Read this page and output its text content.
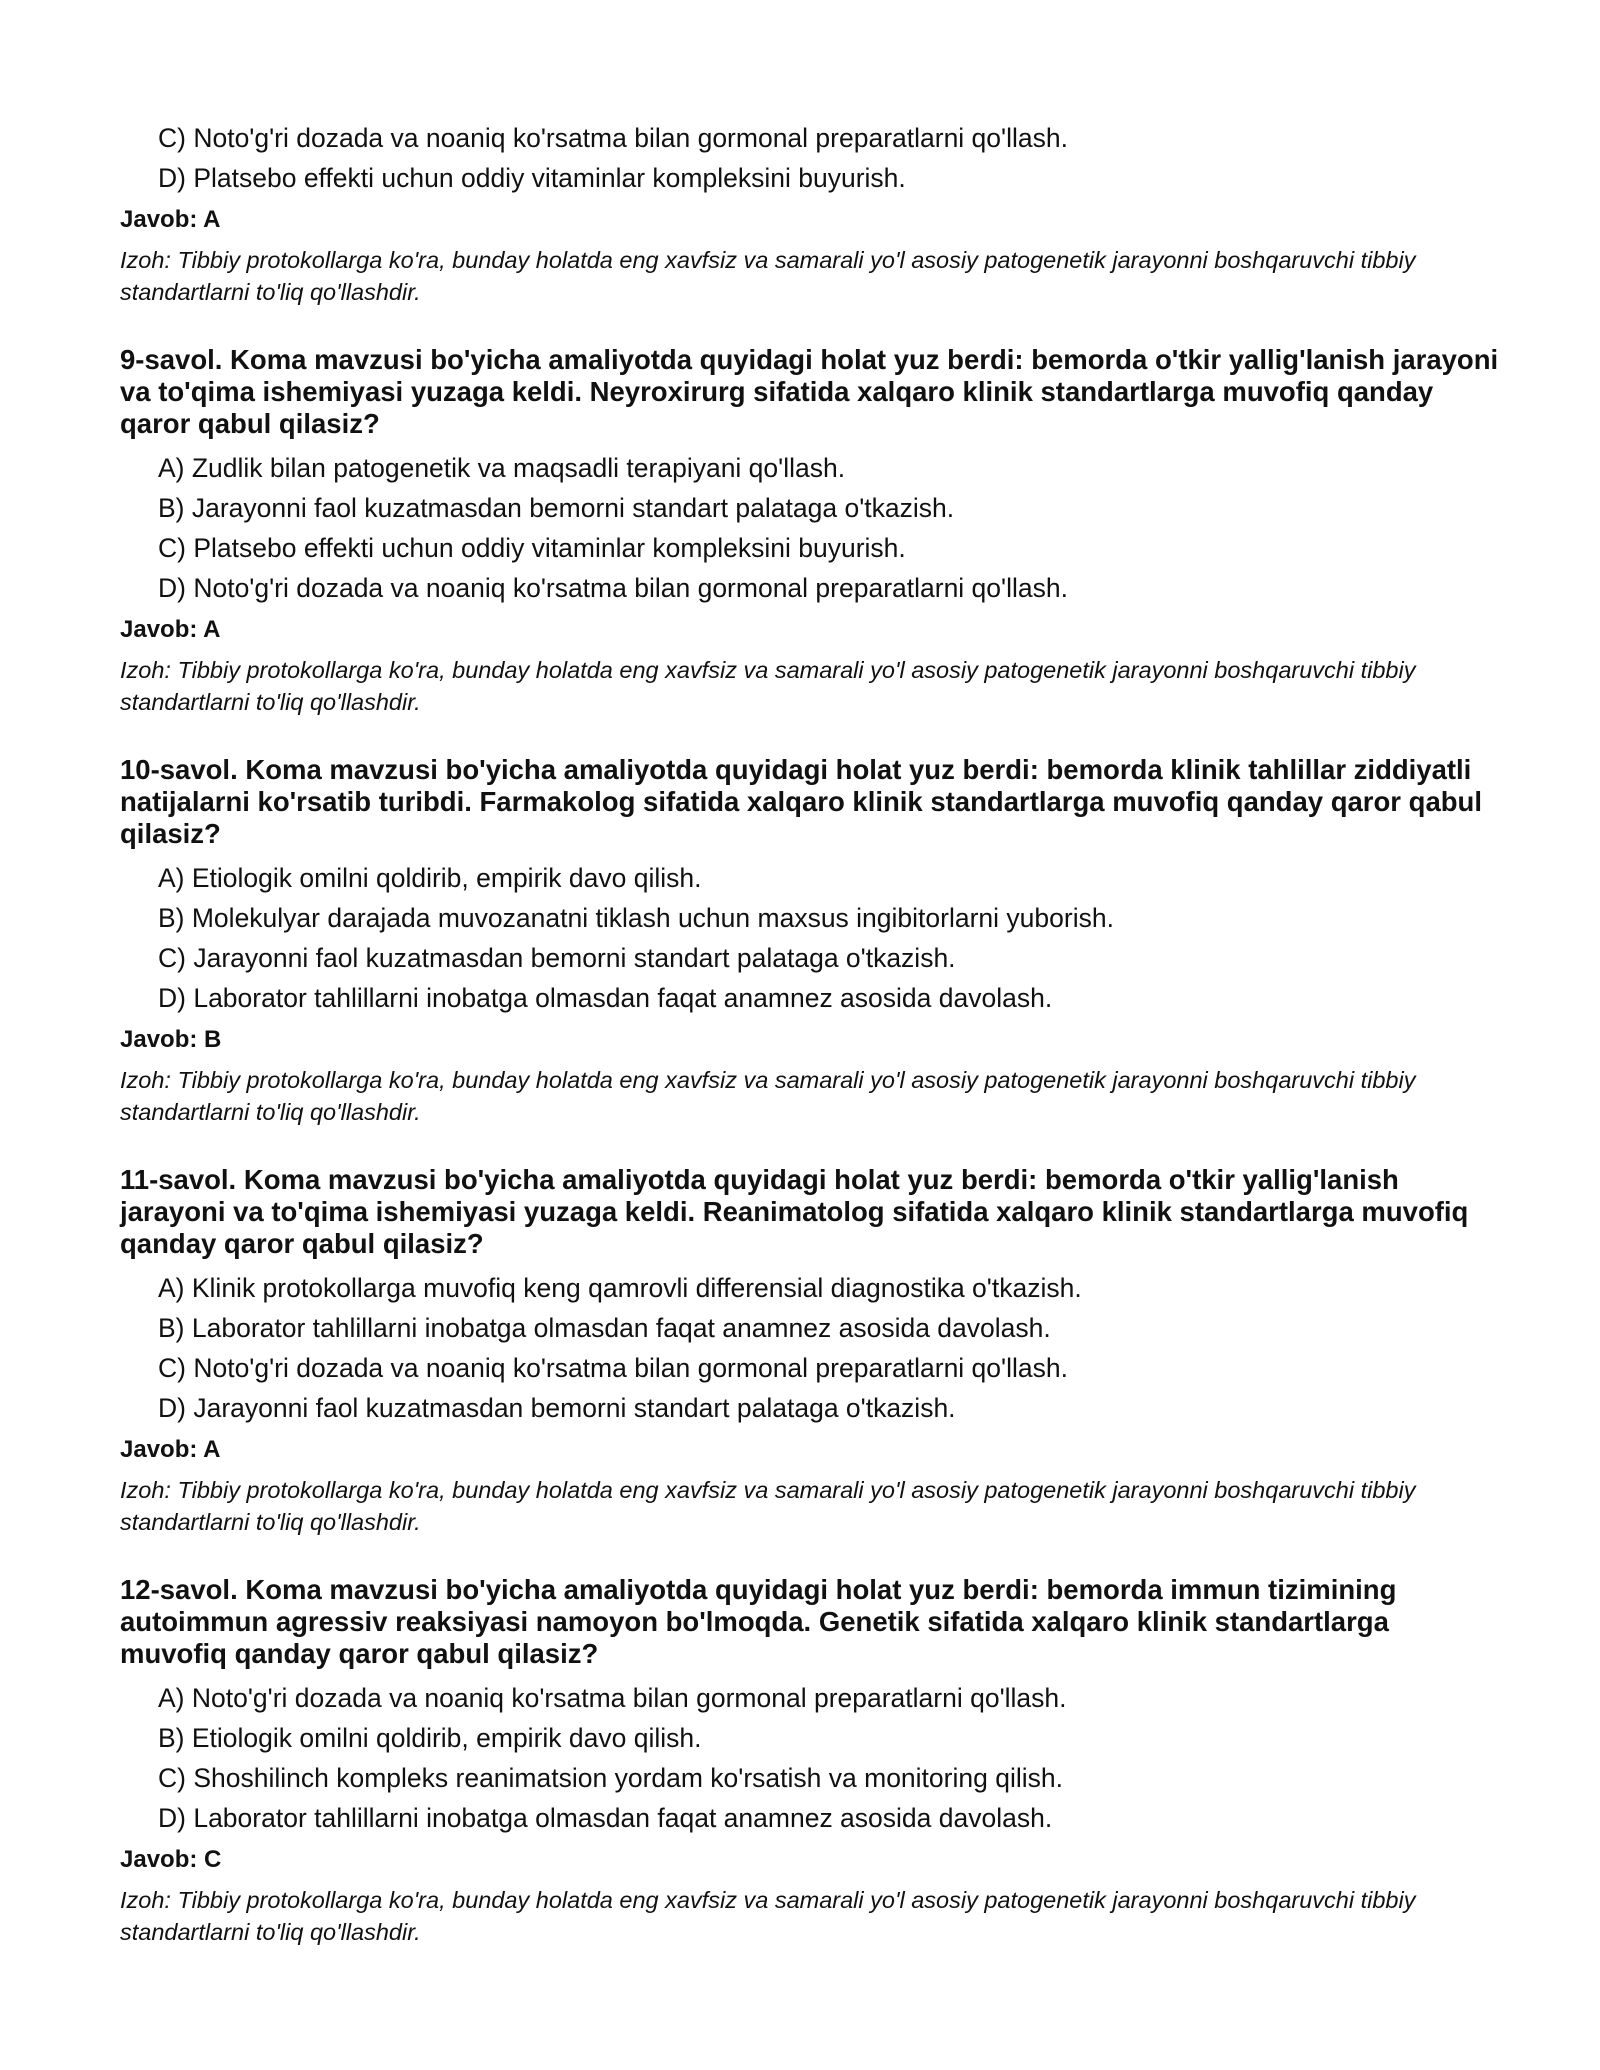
C) Noto'g'ri dozada va noaniq ko'rsatma bilan gormonal preparatlarni qo'llash.
D) Platsebo effekti uchun oddiy vitaminlar kompleksini buyurish.
Javob: A
Izoh: Tibbiy protokollarga ko'ra, bunday holatda eng xavfsiz va samarali yo'l asosiy patogenetik jarayonni boshqaruvchi tibbiy standartlarni to'liq qo'llashdir.
9-savol. Koma mavzusi bo'yicha amaliyotda quyidagi holat yuz berdi: bemorda o'tkir yallig'lanish jarayoni va to'qima ishemiyasi yuzaga keldi. Neyroxirurg sifatida xalqaro klinik standartlarga muvofiq qanday qaror qabul qilasiz?
A) Zudlik bilan patogenetik va maqsadli terapiyani qo'llash.
B) Jarayonni faol kuzatmasdan bemorni standart palataga o'tkazish.
C) Platsebo effekti uchun oddiy vitaminlar kompleksini buyurish.
D) Noto'g'ri dozada va noaniq ko'rsatma bilan gormonal preparatlarni qo'llash.
Javob: A
Izoh: Tibbiy protokollarga ko'ra, bunday holatda eng xavfsiz va samarali yo'l asosiy patogenetik jarayonni boshqaruvchi tibbiy standartlarni to'liq qo'llashdir.
10-savol. Koma mavzusi bo'yicha amaliyotda quyidagi holat yuz berdi: bemorda klinik tahlillar ziddiyatli natijalarni ko'rsatib turibdi. Farmakolog sifatida xalqaro klinik standartlarga muvofiq qanday qaror qabul qilasiz?
A) Etiologik omilni qoldirib, empirik davo qilish.
B) Molekulyar darajada muvozanatni tiklash uchun maxsus ingibitorlarni yuborish.
C) Jarayonni faol kuzatmasdan bemorni standart palataga o'tkazish.
D) Laborator tahlillarni inobatga olmasdan faqat anamnez asosida davolash.
Javob: B
Izoh: Tibbiy protokollarga ko'ra, bunday holatda eng xavfsiz va samarali yo'l asosiy patogenetik jarayonni boshqaruvchi tibbiy standartlarni to'liq qo'llashdir.
11-savol. Koma mavzusi bo'yicha amaliyotda quyidagi holat yuz berdi: bemorda o'tkir yallig'lanish jarayoni va to'qima ishemiyasi yuzaga keldi. Reanimatolog sifatida xalqaro klinik standartlarga muvofiq qanday qaror qabul qilasiz?
A) Klinik protokollarga muvofiq keng qamrovli differensial diagnostika o'tkazish.
B) Laborator tahlillarni inobatga olmasdan faqat anamnez asosida davolash.
C) Noto'g'ri dozada va noaniq ko'rsatma bilan gormonal preparatlarni qo'llash.
D) Jarayonni faol kuzatmasdan bemorni standart palataga o'tkazish.
Javob: A
Izoh: Tibbiy protokollarga ko'ra, bunday holatda eng xavfsiz va samarali yo'l asosiy patogenetik jarayonni boshqaruvchi tibbiy standartlarni to'liq qo'llashdir.
12-savol. Koma mavzusi bo'yicha amaliyotda quyidagi holat yuz berdi: bemorda immun tizimining autoimmun agressiv reaksiyasi namoyon bo'lmoqda. Genetik sifatida xalqaro klinik standartlarga muvofiq qanday qaror qabul qilasiz?
A) Noto'g'ri dozada va noaniq ko'rsatma bilan gormonal preparatlarni qo'llash.
B) Etiologik omilni qoldirib, empirik davo qilish.
C) Shoshilinch kompleks reanimatsion yordam ko'rsatish va monitoring qilish.
D) Laborator tahlillarni inobatga olmasdan faqat anamnez asosida davolash.
Javob: C
Izoh: Tibbiy protokollarga ko'ra, bunday holatda eng xavfsiz va samarali yo'l asosiy patogenetik jarayonni boshqaruvchi tibbiy standartlarni to'liq qo'llashdir.
